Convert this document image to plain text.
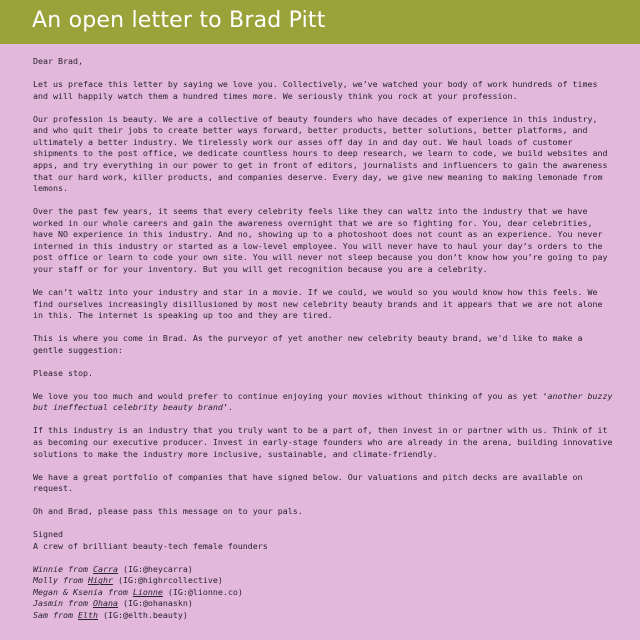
An open letter to Brad Pitt

Dear Brad,

Let us preface this letter by saying we love you. Collectively, we’ve watched your body of work hundreds of times and will happily watch them a hundred times more. We seriously think you rock at your profession.

Our profession is beauty. We are a collective of beauty founders who have decades of experience in this industry, and who quit their jobs to create better ways forward, better products, better solutions, better platforms, and ultimately a better industry. We tirelessly work our asses off day in and day out. We haul loads of customer shipments to the post office, we dedicate countless hours to deep research, we learn to code, we build websites and apps, and try everything in our power to get in front of editors, journalists and influencers to gain the awareness that our hard work, killer products, and companies deserve. Every day, we give new meaning to making lemonade from lemons.

Over the past few years, it seems that every celebrity feels like they can waltz into the industry that we have worked in our whole careers and gain the awareness overnight that we are so fighting for. You, dear celebrities, have NO experience in this industry. And no, showing up to a photoshoot does not count as an experience. You never interned in this industry or started as a low-level employee. You will never have to haul your day’s orders to the post office or learn to code your own site. You will never not sleep because you don’t know how you’re going to pay your staff or for your inventory. But you will get recognition because you are a celebrity.

We can’t waltz into your industry and star in a movie. If we could, we would so you would know how this feels. We find ourselves increasingly disillusioned by most new celebrity beauty brands and it appears that we are not alone in this. The internet is speaking up too and they are tired.

This is where you come in Brad. As the purveyor of yet another new celebrity beauty brand, we'd like to make a gentle suggestion:

Please stop.

We love you too much and would prefer to continue enjoying your movies without thinking of you as yet ‘another buzzy but ineffectual celebrity beauty brand’.

If this industry is an industry that you truly want to be a part of, then invest in or partner with us. Think of it as becoming our executive producer. Invest in early-stage founders who are already in the arena, building innovative solutions to make the industry more inclusive, sustainable, and climate-friendly.

We have a great portfolio of companies that have signed below. Our valuations and pitch decks are available on request.

Oh and Brad, please pass this message on to your pals.

Signed

A crew of brilliant beauty-tech female founders

Winnie from Carra (IG:@heycarra)
Molly from Highr (IG:@highrcollective)
Megan & Ksenia from Lionne (IG:@lionne.co)
Jasmin from Ohana (IG:@ohanaskn)
Sam from Elth (IG:@elth.beauty)
